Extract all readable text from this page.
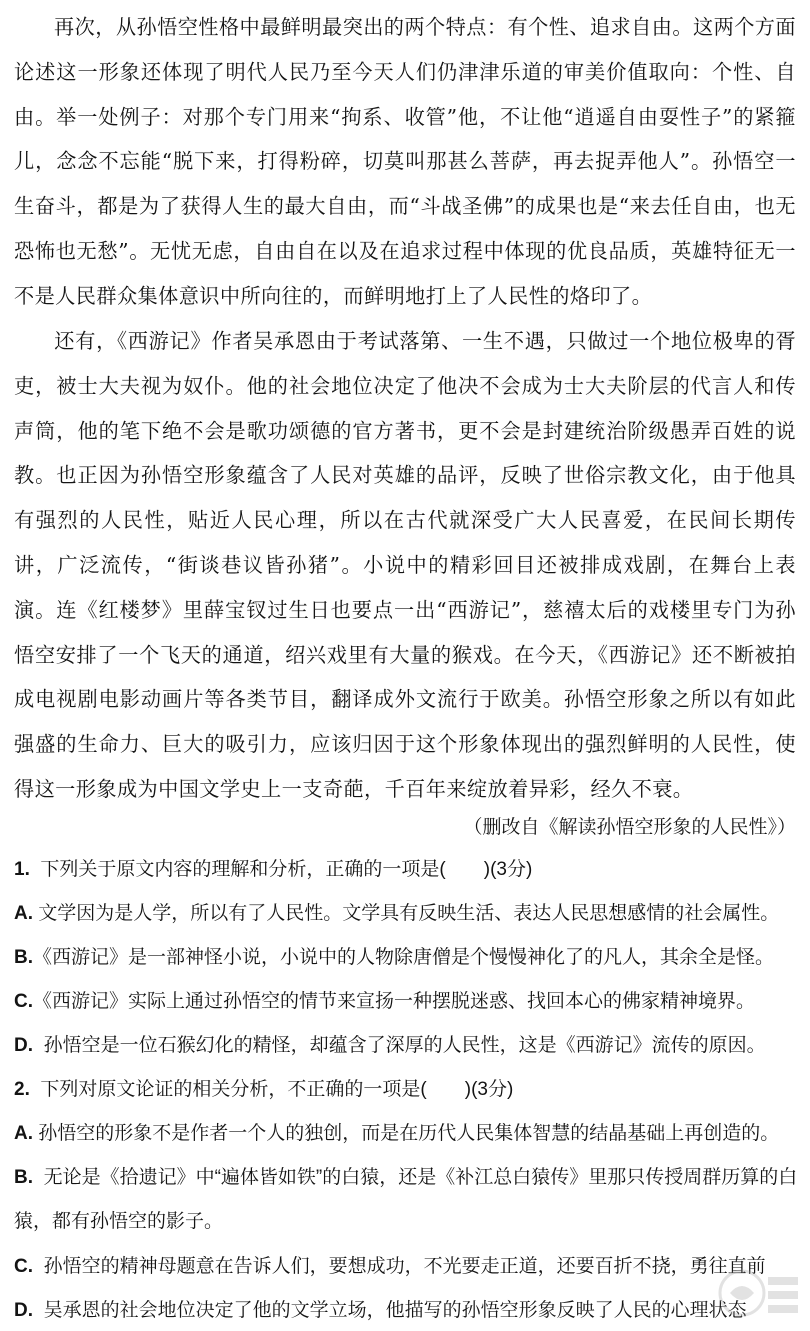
再次，从孙悟空性格中最鲜明最突出的两个特点：有个性、追求自由。这两个方面论述这一形象还体现了明代人民乃至今天人们仍津津乐道的审美价值取向：个性、自由。举一处例子：对那个专门用来“拘系、收管”他，不让他“逍遥自由耍性子”的紧箍儿，念念不忘能“脱下来，打得粉碎，切莫叫那甚么菩萨，再去捉弄他人”。孙悟空一生奋斗，都是为了获得人生的最大自由，而“斗战圣佛”的成果也是“来去任自由，也无恐怖也无愁”。无忧无虑，自由自在以及在追求过程中体现的优良品质，英雄特征无一不是人民群众集体意识中所向往的，而鲜明地打上了人民性的烙印了。

还有，《西游记》作者吴承恩由于考试落第、一生不遇，只做过一个地位极卑的胥吏，被士大夫视为奴仆。他的社会地位决定了他决不会成为士大夫阶层的代言人和传声筒，他的笔下绝不会是歌功颂德的官方著书，更不会是封建统治阶级愚弄百姓的说教。也正因为孙悟空形象蕴含了人民对英雄的品评，反映了世俗宗教文化，由于他具有强烈的人民性，贴近人民心理，所以在古代就深受广大人民喜爱，在民间长期传讲，广泛流传，“街谈巷议皆孙猪”。小说中的精彩回目还被排成戏剧，在舞台上表演。连《红楼梦》里薛宝钗过生日也要点一出“西游记”，慈禧太后的戏楼里专门为孙悟空安排了一个飞天的通道，绍兴戏里有大量的猴戏。在今天，《西游记》还不断被拍成电视剧电影动画片等各类节目，翻译成外文流行于欧美。孙悟空形象之所以有如此强盛的生命力、巨大的吸引力，应该归因于这个形象体现出的强烈鲜明的人民性，使得这一形象成为中国文学史上一支奇葩，千百年来绽放着异彩，经久不衰。

（删改自《解读孙悟空形象的人民性》）

1. 下列关于原文内容的理解和分析，正确的一项是(　　)(3分)

A. 文学因为是人学，所以有了人民性。文学具有反映生活、表达人民思想感情的社会属性。

B.《西游记》是一部神怪小说，小说中的人物除唐僧是个慢慢神化了的凡人，其余全是怪。

C.《西游记》实际上通过孙悟空的情节来宣扬一种摆脱迷惑、找回本心的佛家精神境界。

D. 孙悟空是一位石猴幻化的精怪，却蕴含了深厚的人民性，这是《西游记》流传的原因。

2. 下列对原文论证的相关分析，不正确的一项是(　　)(3分)

A. 孙悟空的形象不是作者一个人的独创，而是在历代人民集体智慧的结晶基础上再创造的。

B. 无论是《拾遗记》中“遍体皆如铁”的白猿，还是《补江总白猿传》里那只传授周群历算的白猿，都有孙悟空的影子。

C. 孙悟空的精神母题意在告诉人们，要想成功，不光要走正道，还要百折不挠，勇往直前

D. 吴承恩的社会地位决定了他的文学立场，他描写的孙悟空形象反映了人民的心理状态
